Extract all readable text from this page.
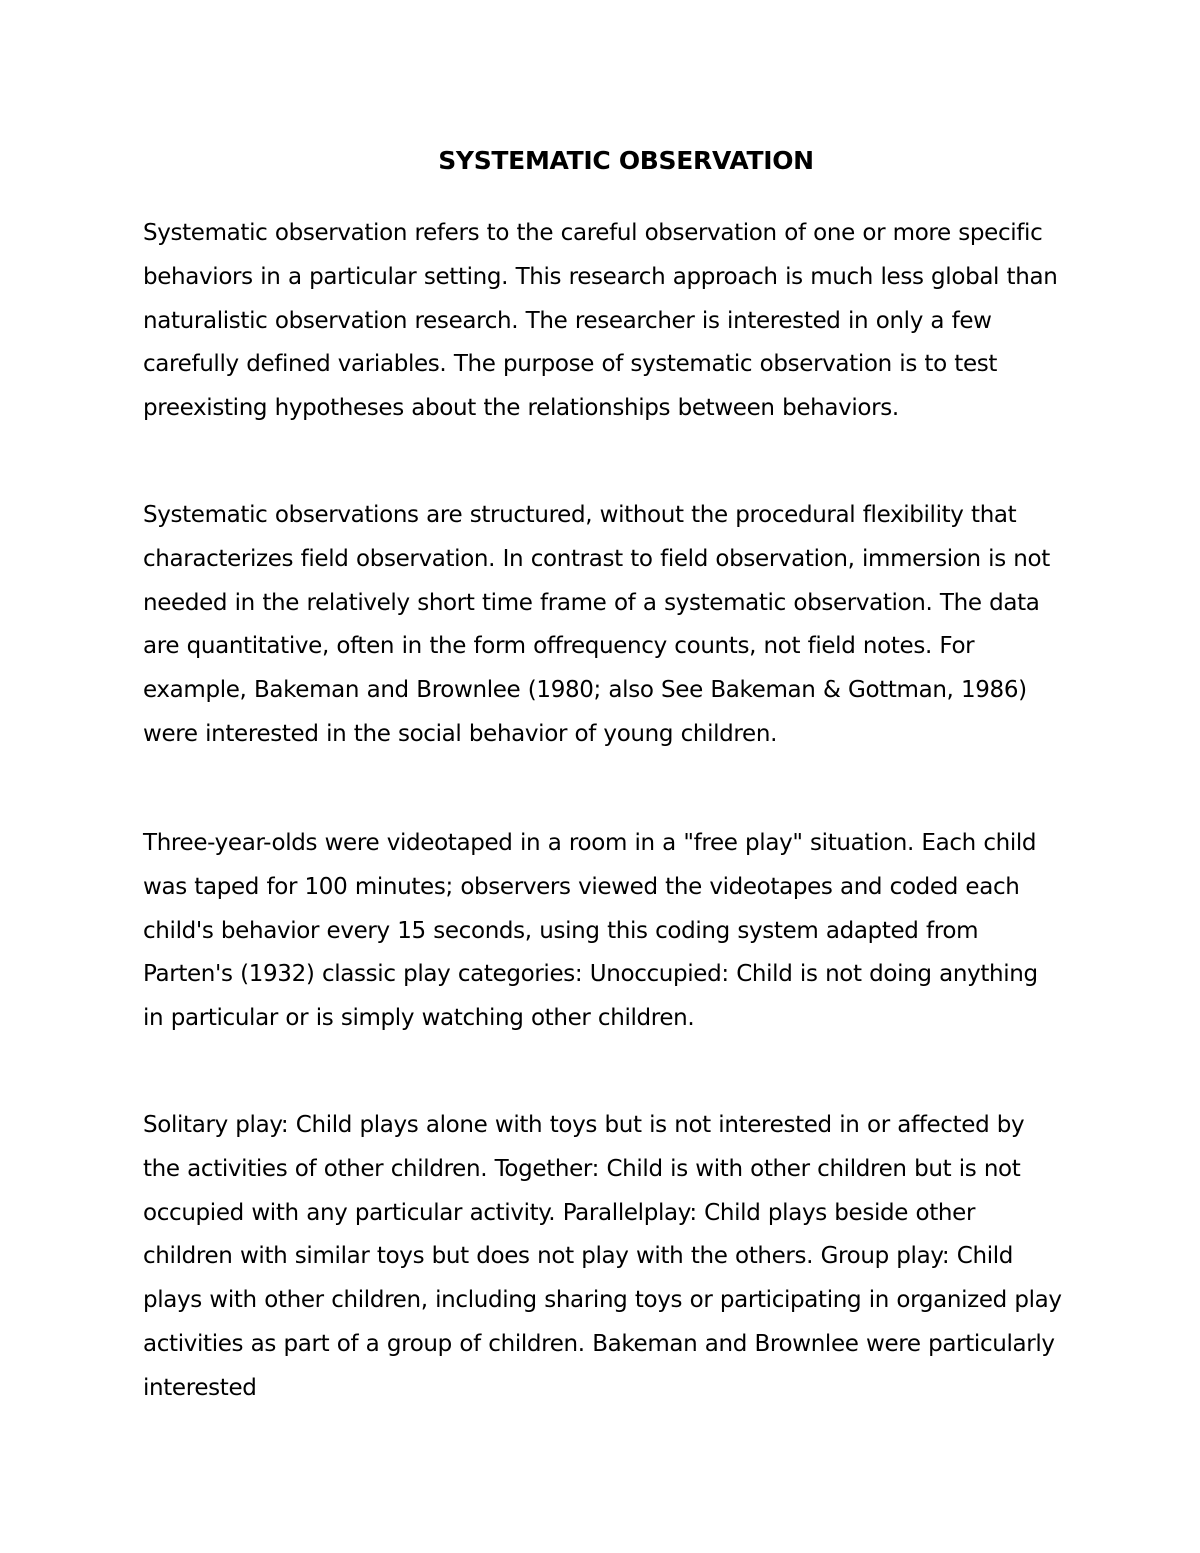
SYSTEMATIC OBSERVATION

Systematic observation refers to the careful observation of one or more specific behaviors in a particular setting. This research approach is much less global than naturalistic observation research. The researcher is interested in only a few carefully defined variables. The purpose of systematic observation is to test preexisting hypotheses about the relationships between behaviors.

Systematic observations are structured, without the procedural flexibility that characterizes field observation. In contrast to field observation, immersion is not needed in the relatively short time frame of a systematic observation. The data are quantitative, often in the form offrequency counts, not field notes. For example, Bakeman and Brownlee (1980; also See Bakeman & Gottman, 1986) were interested in the social behavior of young children.

Three-year-olds were videotaped in a room in a "free play" situation. Each child was taped for 100 minutes; observers viewed the videotapes and coded each child's behavior every 15 seconds, using this coding system adapted from Parten's (1932) classic play categories: Unoccupied: Child is not doing anything in particular or is simply watching other children.

Solitary play: Child plays alone with toys but is not interested in or affected by the activities of other children. Together: Child is with other children but is not occupied with any particular activity. Parallelplay: Child plays beside other children with similar toys but does not play with the others. Group play: Child plays with other children, including sharing toys or participating in organized play activities as part of a group of children. Bakeman and Brownlee were particularly interested
